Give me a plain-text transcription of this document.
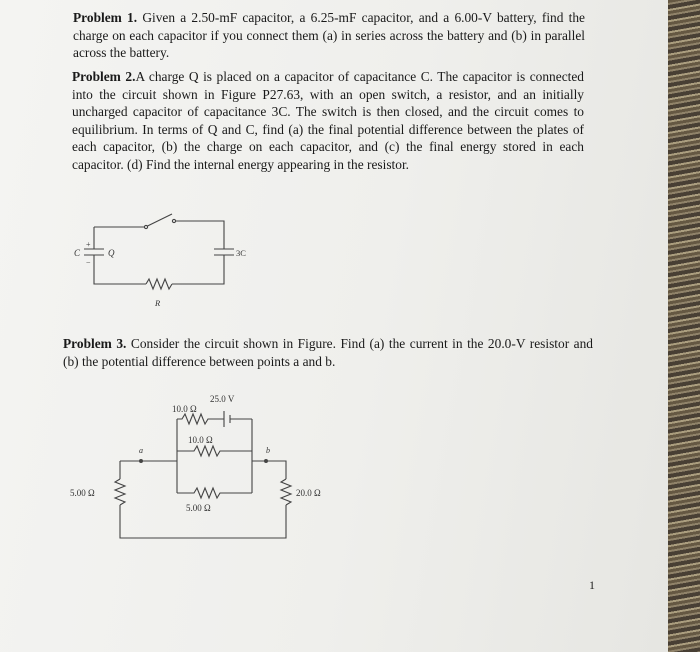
Problem 1. Given a 2.50-mF capacitor, a 6.25-mF capacitor, and a 6.00-V battery, find the charge on each capacitor if you connect them (a) in series across the battery and (b) in parallel across the battery.

Problem 2.A charge Q is placed on a capacitor of capacitance C. The capacitor is connected into the circuit shown in Figure P27.63, with an open switch, a resistor, and an initially uncharged capacitor of capacitance 3C. The switch is then closed, and the circuit comes to equilibrium. In terms of Q and C, find (a) the final potential difference between the plates of each capacitor, (b) the charge on each capacitor, and (c) the final energy stored in each capacitor. (d) Find the internal energy appearing in the resistor.

C
+
−
Q	3C
R

Problem 3. Consider the circuit shown in Figure. Find (a) the current in the 20.0-V resistor and (b) the potential difference between points a and b.

25.0 V
10.0 Ω
10.0 Ω
5.00 Ω
5.00 Ω	20.0 Ω
a	b
1
